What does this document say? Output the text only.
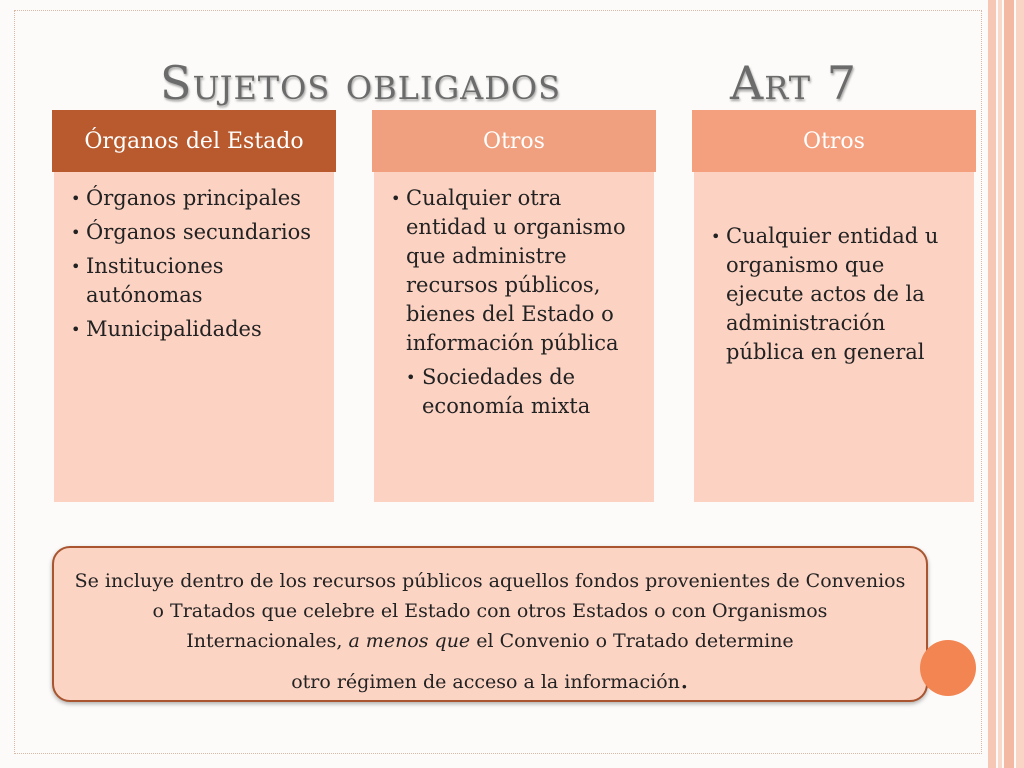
Sujetos obligados	Art 7
Órganos del Estado
• Órganos principales
• Órganos secundarios
• Instituciones autónomas
• Municipalidades
Otros
• Cualquier otra entidad u organismo que administre recursos públicos, bienes del Estado o información pública
• Sociedades de economía mixta
Otros
• Cualquier entidad u organismo que ejecute actos de la administración pública en general
Se incluye dentro de los recursos públicos aquellos fondos provenientes de Convenios o Tratados que celebre el Estado con otros Estados o con Organismos Internacionales, a menos que el Convenio o Tratado determine
otro régimen de acceso a la información.
